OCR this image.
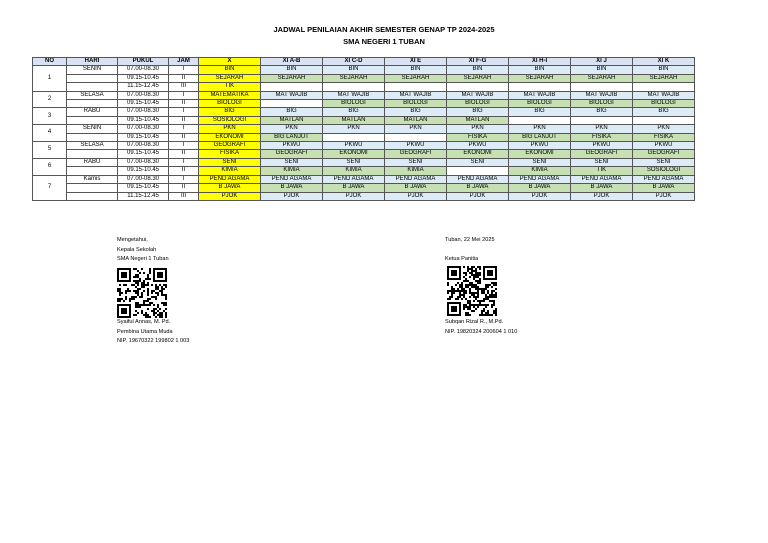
JADWAL PENILAIAN AKHIR SEMESTER GENAP TP 2024-2025
SMA NEGERI 1 TUBAN
NO	HARI	PUKUL	JAM	X	XI A-B	XI C-D	XI E	XI F-G	XI H-I	XI J	XI K
1	SENIN	07.00-08.30	I	BIN	BIN	BIN	BIN	BIN	BIN	BIN	BIN
		09.15-10.45	II	SEJARAH	SEJARAH	SEJARAH	SEJARAH	SEJARAH	SEJARAH	SEJARAH	SEJARAH
		11.15-12.45	III	TIK							
2	SELASA	07.00-08.30	I	MATEMATIKA	MAT WAJIB	MAT WAJIB	MAT WAJIB	MAT WAJIB	MAT WAJIB	MAT WAJIB	MAT WAJIB
		09.15-10.45	II	BIOLOGI		BIOLOGI	BIOLOGI	BIOLOGI	BIOLOGI	BIOLOGI	BIOLOGI
3	RABU	07.00-08.30	I	BIG	BIG	BIG	BIG	BIG	BIG	BIG	BIG
		09.15-10.45	II	SOSIOLOGI	MATLAN	MATLAN	MATLAN	MATLAN			
4	SENIN	07.00-08.30	I	PKN	PKN	PKN	PKN	PKN	PKN	PKN	PKN
		09.15-10.45	II	EKONOMI	BIG LANJUT			FISIKA	BIG LANJUT	FISIKA	FISIKA
5	SELASA	07.00-08.30	I	GEOGRAFI	PKWU	PKWU	PKWU	PKWU	PKWU	PKWU	PKWU
		09.15-10.45	II	FISIKA	GEOGRAFI	EKONOMI	GEOGRAFI	EKONOMI	EKONOMI	GEOGRAFI	GEOGRAFI
6	RABU	07.00-08.30	I	SENI	SENI	SENI	SENI	SENI	SENI	SENI	SENI
		09.15-10.45	II	KIMIA	KIMIA	KIMIA	KIMIA		KIMIA	TIK	SOSIOLOGI
7	Kamis	07.00-08.30	I	PEND AGAMA	PEND AGAMA	PEND AGAMA	PEND AGAMA	PEND AGAMA	PEND AGAMA	PEND AGAMA	PEND AGAMA
		09.15-10.45	II	B JAWA	B JAWA	B JAWA	B JAWA	B JAWA	B JAWA	B JAWA	B JAWA
		11.15-12.45	III	PJOK	PJOK	PJOK	PJOK	PJOK	PJOK	PJOK	PJOK
Mengetahui,
Kepala Sekolah
SMA Negeri 1 Tuban
Syaiful Annas, M. Pd.
Pembina Utama Muda
NIP. 19670322 199802 1 003
Tuban, 22 Mei 2025
Ketua Panitia
Subqan Rizal R., M.Pd.
NIP. 19820324 200604 1 010
